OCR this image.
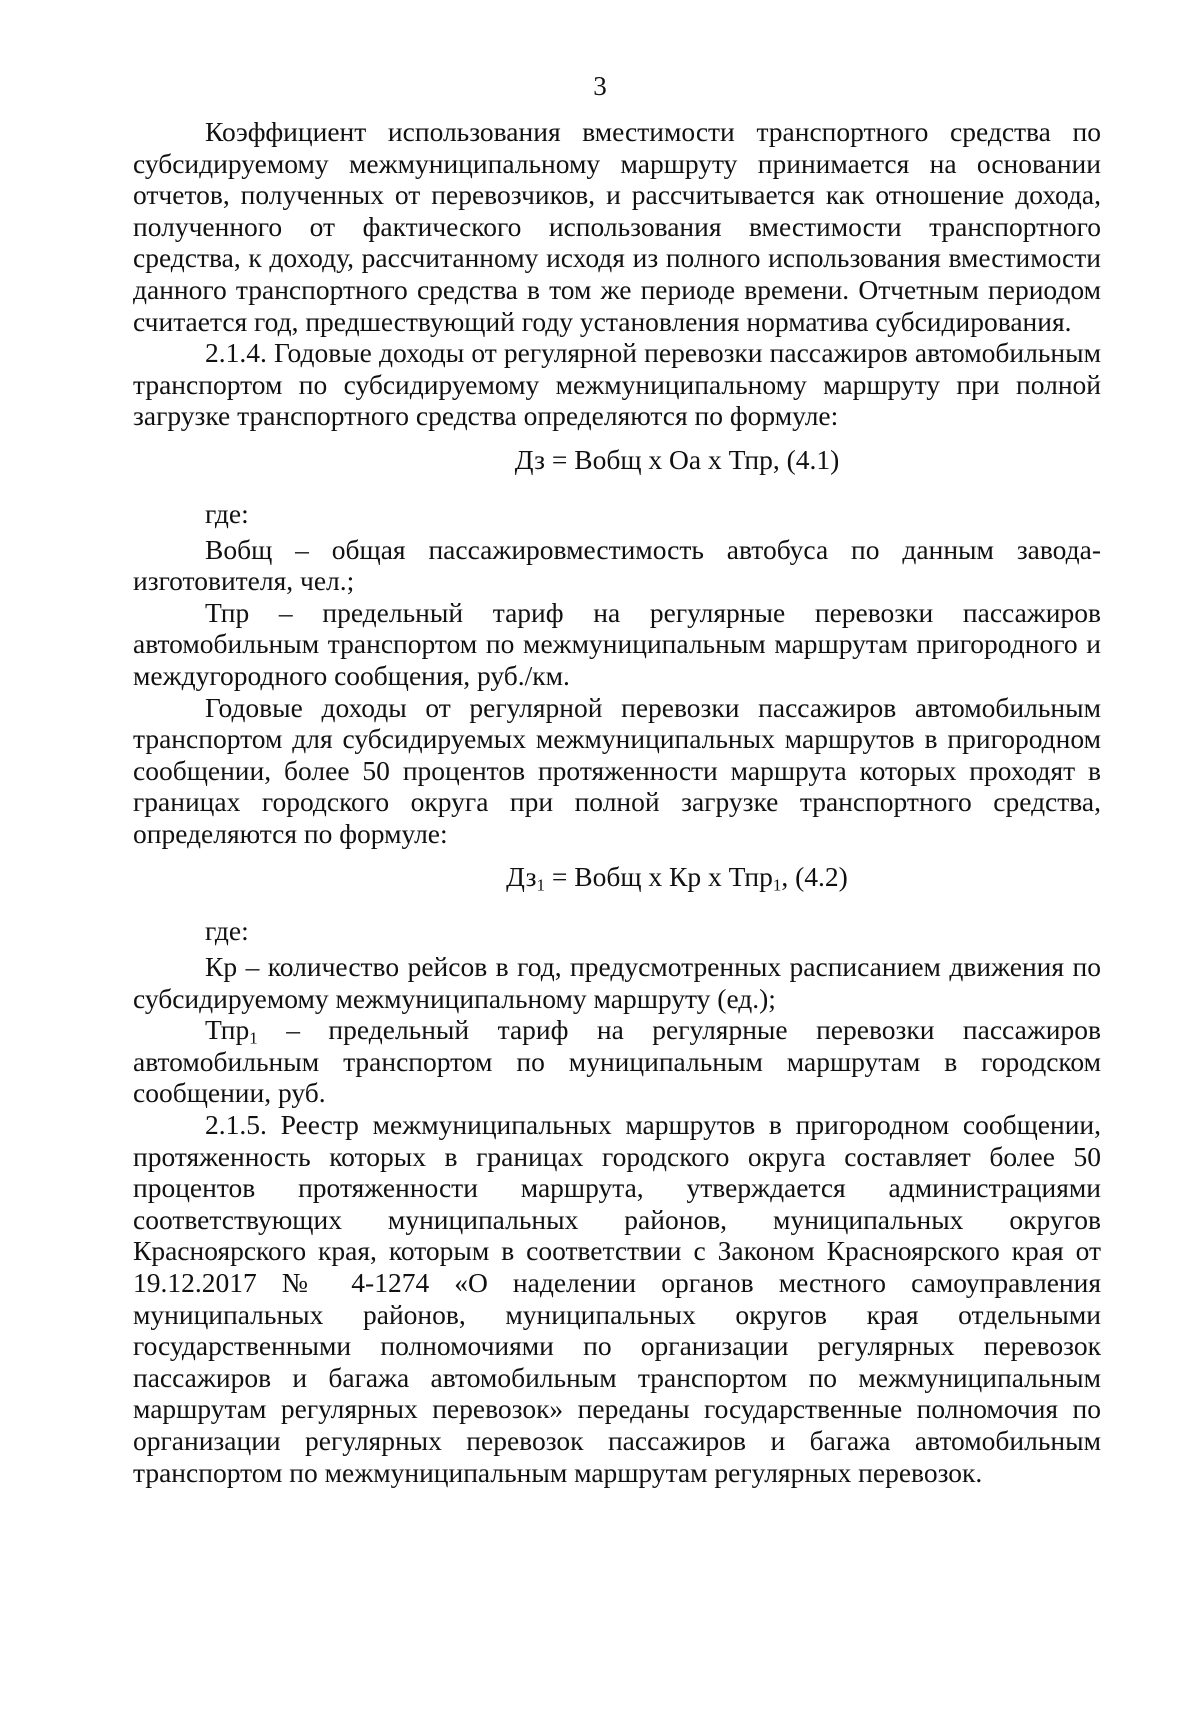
3

Коэффициент использования вместимости транспортного средства по субсидируемому межмуниципальному маршруту принимается на основании отчетов, полученных от перевозчиков, и рассчитывается как отношение дохода, полученного от фактического использования вместимости транспортного средства, к доходу, рассчитанному исходя из полного использования вместимости данного транспортного средства в том же периоде времени. Отчетным периодом считается год, предшествующий году установления норматива субсидирования.

2.1.4. Годовые доходы от регулярной перевозки пассажиров автомобильным транспортом по субсидируемому межмуниципальному маршруту при полной загрузке транспортного средства определяются по формуле:

Дз = Вобщ х Оа х Тпр, (4.1)

где:

Вобщ – общая пассажировместимость автобуса по данным завода-изготовителя, чел.;

Тпр – предельный тариф на регулярные перевозки пассажиров автомобильным транспортом по межмуниципальным маршрутам пригородного и междугородного сообщения, руб./км.

Годовые доходы от регулярной перевозки пассажиров автомобильным транспортом для субсидируемых межмуниципальных маршрутов в пригородном сообщении, более 50 процентов протяженности маршрута которых проходят в границах городского округа при полной загрузке транспортного средства, определяются по формуле:

$Дз_1$ = Вобщ х Кр х Тпр$_1$, (4.2)

где:

Кр – количество рейсов в год, предусмотренных расписанием движения по субсидируемому межмуниципальному маршруту (ед.);

Тпр$_1$ – предельный тариф на регулярные перевозки пассажиров автомобильным транспортом по муниципальным маршрутам в городском сообщении, руб.

2.1.5. Реестр межмуниципальных маршрутов в пригородном сообщении, протяженность которых в границах городского округа составляет более 50 процентов протяженности маршрута, утверждается администрациями соответствующих муниципальных районов, муниципальных округов Красноярского края, которым в соответствии с Законом Красноярского края от 19.12.2017 № 4-1274 «О наделении органов местного самоуправления муниципальных районов, муниципальных округов края отдельными государственными полномочиями по организации регулярных перевозок пассажиров и багажа автомобильным транспортом по межмуниципальным маршрутам регулярных перевозок» переданы государственные полномочия по организации регулярных перевозок пассажиров и багажа автомобильным транспортом по межмуниципальным маршрутам регулярных перевозок.
